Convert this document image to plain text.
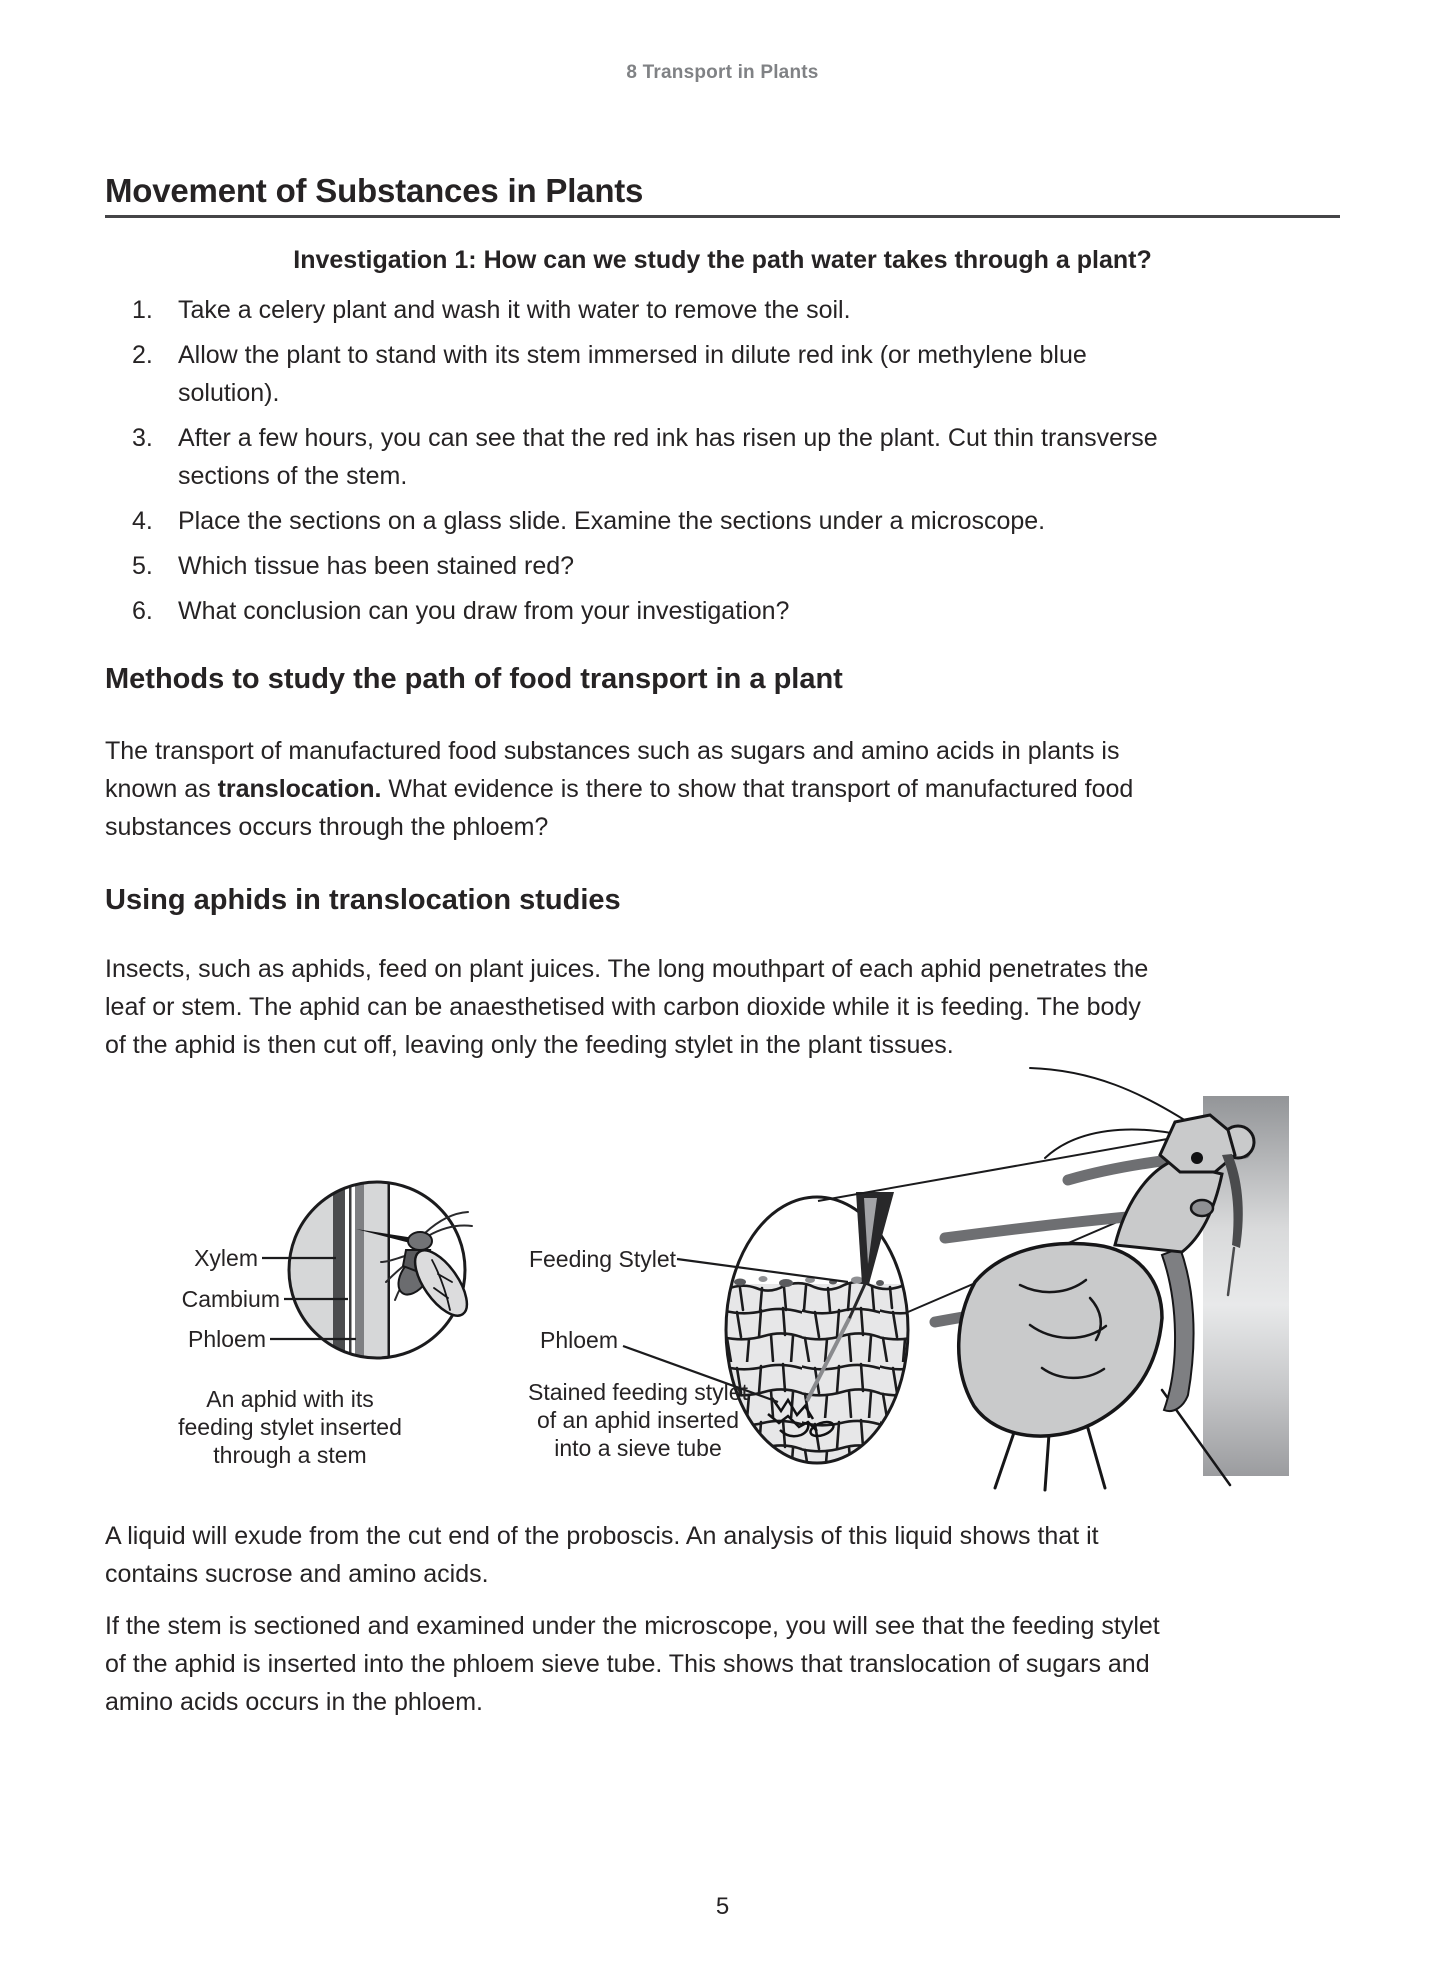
8 Transport in Plants
Movement of Substances in Plants
Investigation 1: How can we study the path water takes through a plant?
1. Take a celery plant and wash it with water to remove the soil.
2. Allow the plant to stand with its stem immersed in dilute red ink (or methylene blue
solution).
3. After a few hours, you can see that the red ink has risen up the plant. Cut thin transverse
sections of the stem.
4. Place the sections on a glass slide. Examine the sections under a microscope.
5. Which tissue has been stained red?
6. What conclusion can you draw from your investigation?
Methods to study the path of food transport in a plant
The transport of manufactured food substances such as sugars and amino acids in plants is
known as translocation. What evidence is there to show that transport of manufactured food
substances occurs through the phloem?
Using aphids in translocation studies
Insects, such as aphids, feed on plant juices. The long mouthpart of each aphid penetrates the
leaf or stem. The aphid can be anaesthetised with carbon dioxide while it is feeding. The body
of the aphid is then cut off, leaving only the feeding stylet in the plant tissues.
Xylem
Cambium
Phloem
Feeding Stylet
Phloem
An aphid with its
feeding stylet inserted
through a stem
Stained feeding stylet
of an aphid inserted
into a sieve tube
A liquid will exude from the cut end of the proboscis. An analysis of this liquid shows that it
contains sucrose and amino acids.
If the stem is sectioned and examined under the microscope, you will see that the feeding stylet
of the aphid is inserted into the phloem sieve tube. This shows that translocation of sugars and
amino acids occurs in the phloem.
5
